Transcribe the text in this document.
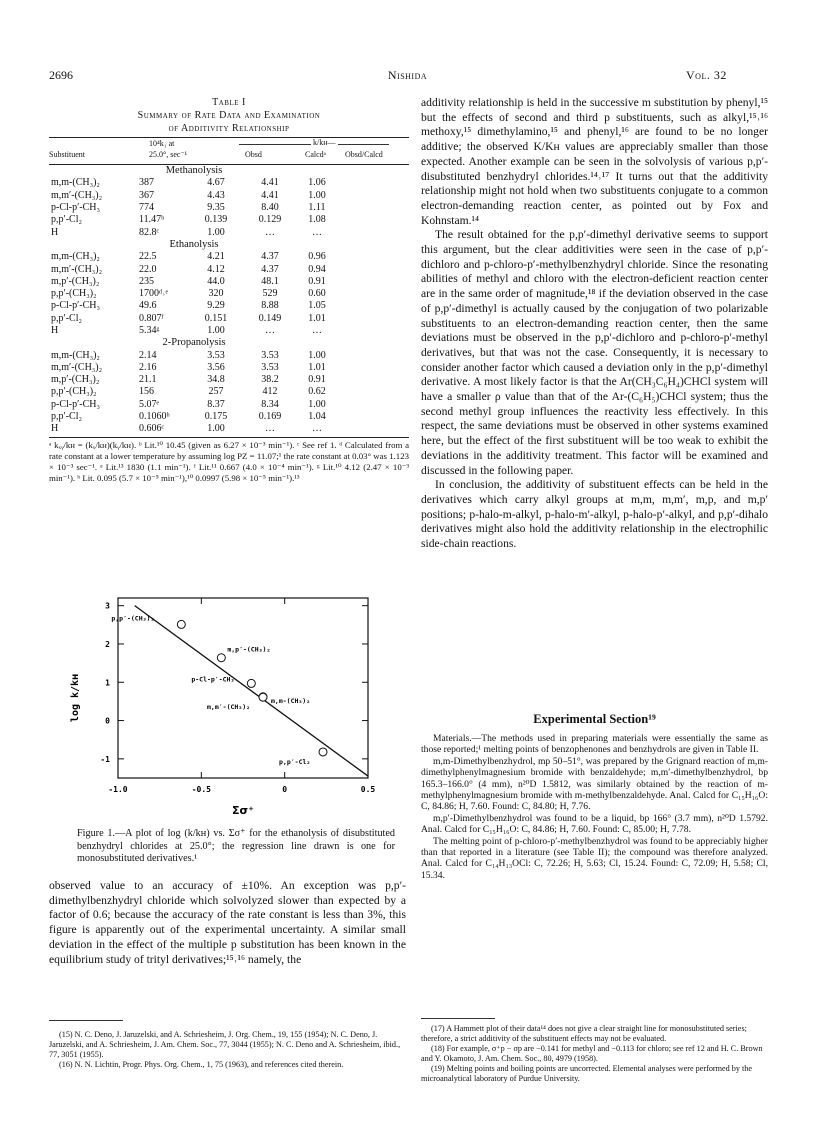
2696	Nishida	Vol. 32
Table I
Summary of Rate Data and Examination
of Additivity Relationship
10⁴k₁ at
25.0°, sec⁻¹
k/kʜ—
Substituent	Obsd	Calcdᵃ Obsd/Calcd
Methanolysis				
m,m-(CH₃)₂	387	4.67	4.41	1.06
m,m′-(CH₃)₂	367	4.43	4.41	1.00
p-Cl-p′-CH₃	774	9.35	8.40	1.11
p,p′-Cl₂	11.47ᵇ	0.139	0.129	1.08
H	82.8ᶜ	1.00	…	…
Ethanolysis				
m,m-(CH₃)₂	22.5	4.21	4.37	0.96
m,m′-(CH₃)₂	22.0	4.12	4.37	0.94
m,p′-(CH₃)₂	235	44.0	48.1	0.91
p,p′-(CH₃)₂	1700ᵈ˒ᵉ	320	529	0.60
p-Cl-p′-CH₃	49.6	9.29	8.88	1.05
p,p′-Cl₂	0.807ᶠ	0.151	0.149	1.01
H	5.34ᵍ	1.00	…	…
2-Propanolysis				
m,m-(CH₃)₂	2.14	3.53	3.53	1.00
m,m′-(CH₃)₂	2.16	3.56	3.53	1.01
m,p′-(CH₃)₂	21.1	34.8	38.2	0.91
p,p′-(CH₃)₂	156	257	412	0.62
p-Cl-p′-CH₃	5.07ᵉ	8.37	8.34	1.00
p,p′-Cl₂	0.1060ʰ	0.175	0.169	1.04
H	0.606ᶜ	1.00	…	…
ᵃ kₓᵧ/kʜ = (kₓ/kʜ)(kᵧ/kʜ). ᵇ Lit.¹⁰ 10.45 (given as 6.27 × 10⁻³ min⁻¹). ᶜ See ref 1. ᵈ Calculated from a rate constant at a lower temperature by assuming log PZ = 11.07;¹ the rate constant at 0.03° was 1.123 × 10⁻³ sec⁻¹. ᵉ Lit.¹³ 1830 (1.1 min⁻¹). ᶠ Lit.¹¹ 0.667 (4.0 × 10⁻⁴ min⁻¹). ᵍ Lit.¹⁰ 4.12 (2.47 × 10⁻³ min⁻¹). ʰ Lit. 0.095 (5.7 × 10⁻⁵ min⁻¹),¹⁰ 0.0997 (5.98 × 10⁻⁵ min⁻¹).¹³
-1.0	-0.5	0	0.5
3
2
1
0
-1
p,p′-(CH₃)₂
m,p′-(CH₃)₂
p-Cl-p′-CH₃
m,m-(CH₃)₂
m,m′-(CH₃)₂
p,p′-Cl₂
Σσ⁺
log k/kʜ
Figure 1.—A plot of log (k/kʜ) vs. Σσ⁺ for the ethanolysis of disubstituted benzhydryl chlorides at 25.0°; the regression line drawn is one for monosubstituted derivatives.¹

observed value to an accuracy of ±10%. An exception was p,p′-dimethylbenzhydryl chloride which solvolyzed slower than expected by a factor of 0.6; because the accuracy of the rate constant is less than 3%, this figure is apparently out of the experimental uncertainty. A similar small deviation in the effect of the multiple p substitution has been known in the equilibrium study of trityl derivatives;¹⁵˒¹⁶ namely, the

(15) N. C. Deno, J. Jaruzelski, and A. Schriesheim, J. Org. Chem., 19, 155 (1954); N. C. Deno, J. Jaruzelski, and A. Schriesheim, J. Am. Chem. Soc., 77, 3044 (1955); N. C. Deno and A. Schriesheim, ibid., 77, 3051 (1955).

(16) N. N. Lichtin, Progr. Phys. Org. Chem., 1, 75 (1963), and references cited therein.

additivity relationship is held in the successive m substitution by phenyl,¹⁵ but the effects of second and third p substituents, such as alkyl,¹⁵˒¹⁶ methoxy,¹⁵ dimethylamino,¹⁵ and phenyl,¹⁶ are found to be no longer additive; the observed K/Kʜ values are appreciably smaller than those expected. Another example can be seen in the solvolysis of various p,p′-disubstituted benzhydryl chlorides.¹⁴˒¹⁷ It turns out that the additivity relationship might not hold when two substituents conjugate to a common electron-demanding reaction center, as pointed out by Fox and Kohnstam.¹⁴

The result obtained for the p,p′-dimethyl derivative seems to support this argument, but the clear additivities were seen in the case of p,p′-dichloro and p-chloro-p′-methylbenzhydryl chloride. Since the resonating abilities of methyl and chloro with the electron-deficient reaction center are in the same order of magnitude,¹⁸ if the deviation observed in the case of p,p′-dimethyl is actually caused by the conjugation of two polarizable substituents to an electron-demanding reaction center, then the same deviations must be observed in the p,p′-dichloro and p-chloro-p′-methyl derivatives, but that was not the case. Consequently, it is necessary to consider another factor which caused a deviation only in the p,p′-dimethyl derivative. A most likely factor is that the Ar(CH₃C₆H₄)CHCl system will have a smaller ρ value than that of the Ar-(C₆H₅)CHCl system; thus the second methyl group influences the reactivity less effectively. In this respect, the same deviations must be observed in other systems examined here, but the effect of the first substituent will be too weak to exhibit the deviations in the additivity treatment. This factor will be examined and discussed in the following paper.

In conclusion, the additivity of substituent effects can be held in the derivatives which carry alkyl groups at m,m, m,m′, m,p, and m,p′ positions; p-halo-m-alkyl, p-halo-m′-alkyl, p-halo-p′-alkyl, and p,p′-dihalo derivatives might also hold the additivity relationship in the electrophilic side-chain reactions.

Experimental Section¹⁹

Materials.—The methods used in preparing materials were essentially the same as those reported;¹ melting points of benzophenones and benzhydrols are given in Table II.

m,m-Dimethylbenzhydrol, mp 50–51°, was prepared by the Grignard reaction of m,m-dimethylphenylmagnesium bromide with benzaldehyde; m,m′-dimethylbenzhydrol, bp 165.3–166.0° (4 mm), n²⁰D 1.5812, was similarly obtained by the reaction of m-methylphenylmagnesium bromide with m-methylbenzaldehyde. Anal. Calcd for C₁₅H₁₆O: C, 84.86; H, 7.60. Found: C, 84.80; H, 7.76.

m,p′-Dimethylbenzhydrol was found to be a liquid, bp 166° (3.7 mm), n²⁰D 1.5792. Anal. Calcd for C₁₅H₁₆O: C, 84.86; H, 7.60. Found: C, 85.00; H, 7.78.

The melting point of p-chloro-p′-methylbenzhydrol was found to be appreciably higher than that reported in a literature (see Table II); the compound was therefore analyzed. Anal. Calcd for C₁₄H₁₃OCl: C, 72.26; H, 5.63; Cl, 15.24. Found: C, 72.09; H, 5.58; Cl, 15.34.

(17) A Hammett plot of their data¹⁴ does not give a clear straight line for monosubstituted series; therefore, a strict additivity of the substituent effects may not be evaluated.

(18) For example, σ⁺p − σp are −0.141 for methyl and −0.113 for chloro; see ref 12 and H. C. Brown and Y. Okamoto, J. Am. Chem. Soc., 80, 4979 (1958).

(19) Melting points and boiling points are uncorrected. Elemental analyses were performed by the microanalytical laboratory of Purdue University.
